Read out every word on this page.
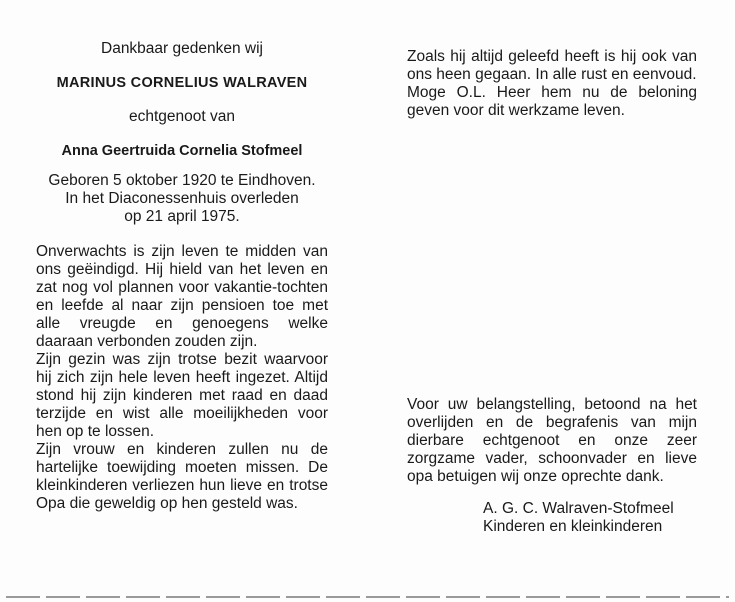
Dankbaar gedenken wij
MARINUS CORNELIUS WALRAVEN
echtgenoot van
Anna Geertruida Cornelia Stofmeel
Geboren 5 oktober 1920 te Eindhoven.
In het Diaconessenhuis overleden
op 21 april 1975.

Onverwachts is zijn leven te midden van ons geëindigd. Hij hield van het leven en zat nog vol plannen voor vakantie-tochten en leefde al naar zijn pensioen toe met alle vreugde en genoegens welke daaraan verbonden zouden zijn.

Zijn gezin was zijn trotse bezit waarvoor hij zich zijn hele leven heeft ingezet. Altijd stond hij zijn kinderen met raad en daad terzijde en wist alle moeilijkheden voor hen op te lossen.

Zijn vrouw en kinderen zullen nu de hartelijke toewijding moeten missen. De kleinkinderen verliezen hun lieve en trotse Opa die geweldig op hen gesteld was.

Zoals hij altijd geleefd heeft is hij ook van ons heen gegaan. In alle rust en eenvoud.

Moge O.L. Heer hem nu de beloning geven voor dit werkzame leven.

Voor uw belangstelling, betoond na het overlijden en de begrafenis van mijn dierbare echtgenoot en onze zeer zorgzame vader, schoonvader en lieve opa betuigen wij onze oprechte dank.

A. G. C. Walraven-Stofmeel
Kinderen en kleinkinderen
